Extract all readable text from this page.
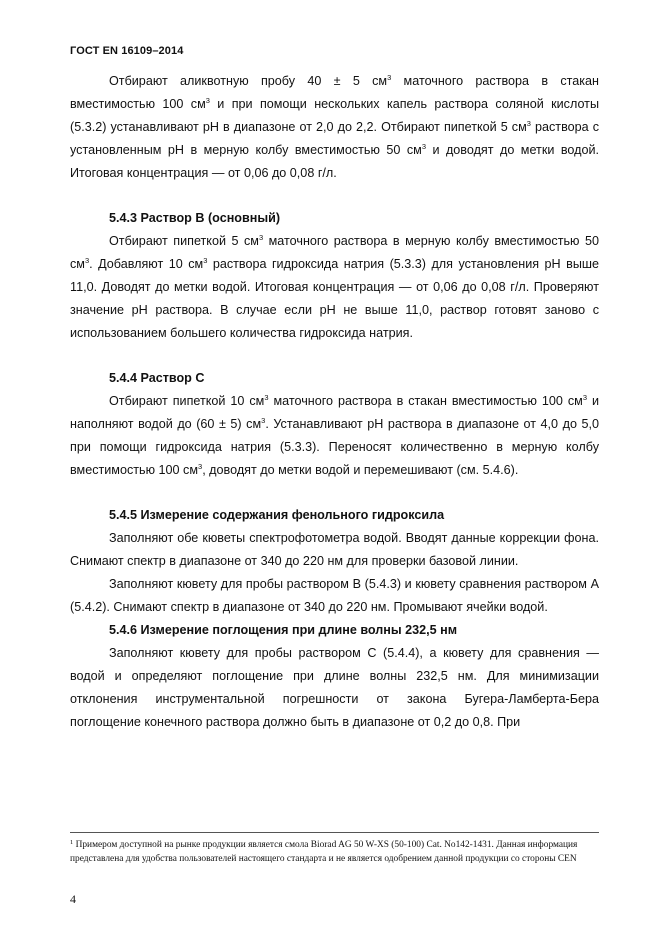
ГОСТ EN 16109–2014

Отбирают аликвотную пробу 40 ± 5 $см^3$ маточного раствора в стакан вместимостью 100 $см^3$ и при помощи нескольких капель раствора соляной кислоты (5.3.2) устанавливают pH в диапазоне от 2,0 до 2,2. Отбирают пипеткой 5 $см^3$ раствора с установленным pH в мерную колбу вместимостью 50 $см^3$ и доводят до метки водой. Итоговая концентрация — от 0,06 до 0,08 г/л.

5.4.3 Раствор В (основный)

Отбирают пипеткой 5 $см^3$ маточного раствора в мерную колбу вместимостью 50 $см^3$. Добавляют 10 $см^3$ раствора гидроксида натрия (5.3.3) для установления pH выше 11,0. Доводят до метки водой. Итоговая концентрация — от 0,06 до 0,08 г/л. Проверяют значение pH раствора. В случае если pH не выше 11,0, раствор готовят заново с использованием большего количества гидроксида натрия.

5.4.4 Раствор С

Отбирают пипеткой 10 $см^3$ маточного раствора в стакан вместимостью 100 $см^3$ и наполняют водой до (60 ± 5) $см^3$. Устанавливают pH раствора в диапазоне от 4,0 до 5,0 при помощи гидроксида натрия (5.3.3). Переносят количественно в мерную колбу вместимостью 100 $см^3$, доводят до метки водой и перемешивают (см. 5.4.6).

5.4.5 Измерение содержания фенольного гидроксила

Заполняют обе кюветы спектрофотометра водой. Вводят данные коррекции фона. Снимают спектр в диапазоне от 340 до 220 нм для проверки базовой линии.

Заполняют кювету для пробы раствором В (5.4.3) и кювету сравнения раствором А (5.4.2). Снимают спектр в диапазоне от 340 до 220 нм. Промывают ячейки водой.

5.4.6 Измерение поглощения при длине волны 232,5 нм

Заполняют кювету для пробы раствором С (5.4.4), а кювету для сравнения — водой и определяют поглощение при длине волны 232,5 нм. Для минимизации отклонения инструментальной погрешности от закона Бугера-Ламберта-Бера поглощение конечного раствора должно быть в диапазоне от 0,2 до 0,8. При

$^1$ Примером доступной на рынке продукции является смола Biorad AG 50 W-XS (50-100) Cat. No142-1431. Данная информация представлена для удобства пользователей настоящего стандарта и не является одобрением данной продукции со стороны CEN
4
